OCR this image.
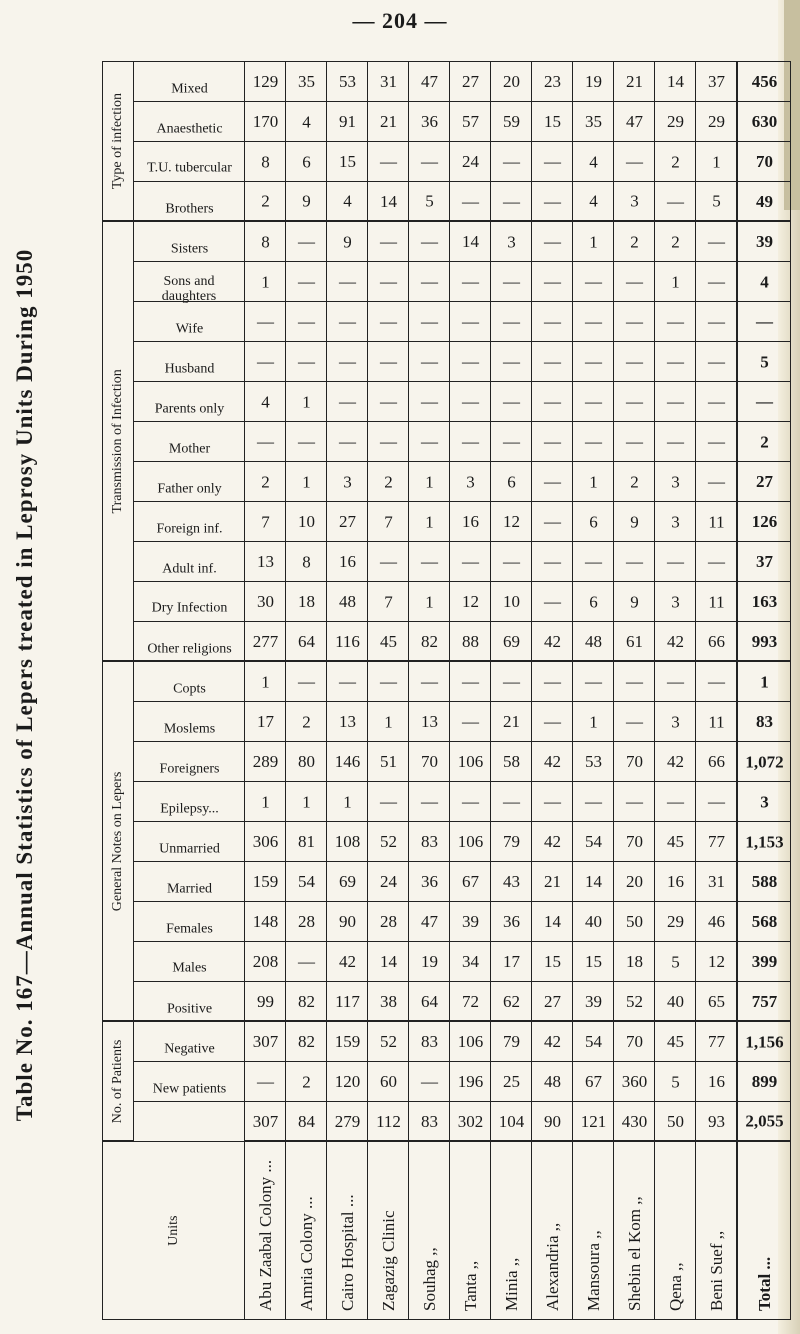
— 204 —
Table No. 167—Annual Statistics of Lepers treated in Leprosy Units During 1950
Units	No. of Patients			General Notes on Lepers									Transmission of Infection											Type of infection			
	New patients	Negative	Positive	Males	Females	Married	Unmarried	Epilepsy...	Foreigners	Moslems	Copts	Other religions	Dry Infection	Adult inf.	Foreign inf.	Father only	Mother	Parents only	Husband	Wife	Sons and daughters	Sisters	Brothers	T.U. tubercular	Anaesthetic	Mixed	
Abu Zaabal Colony ...	307	—	307	99	208	148	159	306	1	289	17	1	277	30	13	7	2	—	4	—	—	1	8	2	8	170	129
Amria Colony ...	84	2	82	82	—	28	54	81	1	80	2	—	64	18	8	10	1	—	1	—	—	—	—	9	6	4	35
Cairo Hospital ...	279	120	159	117	42	90	69	108	1	146	13	—	116	48	16	27	3	—	—	—	—	—	9	4	15	91	53
Zagazig Clinic	112	60	52	38	14	28	24	52	—	51	1	—	45	7	—	7	2	—	—	—	—	—	—	14	—	21	31
Souhag ,,	83	—	83	64	19	47	36	83	—	70	13	—	82	1	—	1	1	—	—	—	—	—	—	5	—	36	47
Tanta ,,	302	196	106	72	34	39	67	106	—	106	—	—	88	12	—	16	3	—	—	—	—	—	14	—	24	57	27
Minia ,,	104	25	79	62	17	36	43	79	—	58	21	—	69	10	—	12	6	—	—	—	—	—	3	—	—	59	20
Alexandria ,,	90	48	42	27	15	14	21	42	—	42	—	—	42	—	—	—	—	—	—	—	—	—	—	—	—	15	23
Mansoura ,,	121	67	54	39	15	40	14	54	—	53	1	—	48	6	—	6	1	—	—	—	—	—	1	4	4	35	19
Shebin el Kom ,,	430	360	70	52	18	50	20	70	—	70	—	—	61	9	—	9	2	—	—	—	—	—	2	3	—	47	21
Qena ,,	50	5	45	40	5	29	16	45	—	42	3	—	42	3	—	3	3	—	—	—	—	1	2	—	2	29	14
Beni Suef ,,	93	16	77	65	12	46	31	77	—	66	11	—	66	11	—	11	—	—	—	—	—	—	—	5	1	29	37
Total ...	2,055	899	1,156	757	399	568	588	1,153	3	1,072	83	1	993	163	37	126	27	2	—	5	—	4	39	49	70	630	456
